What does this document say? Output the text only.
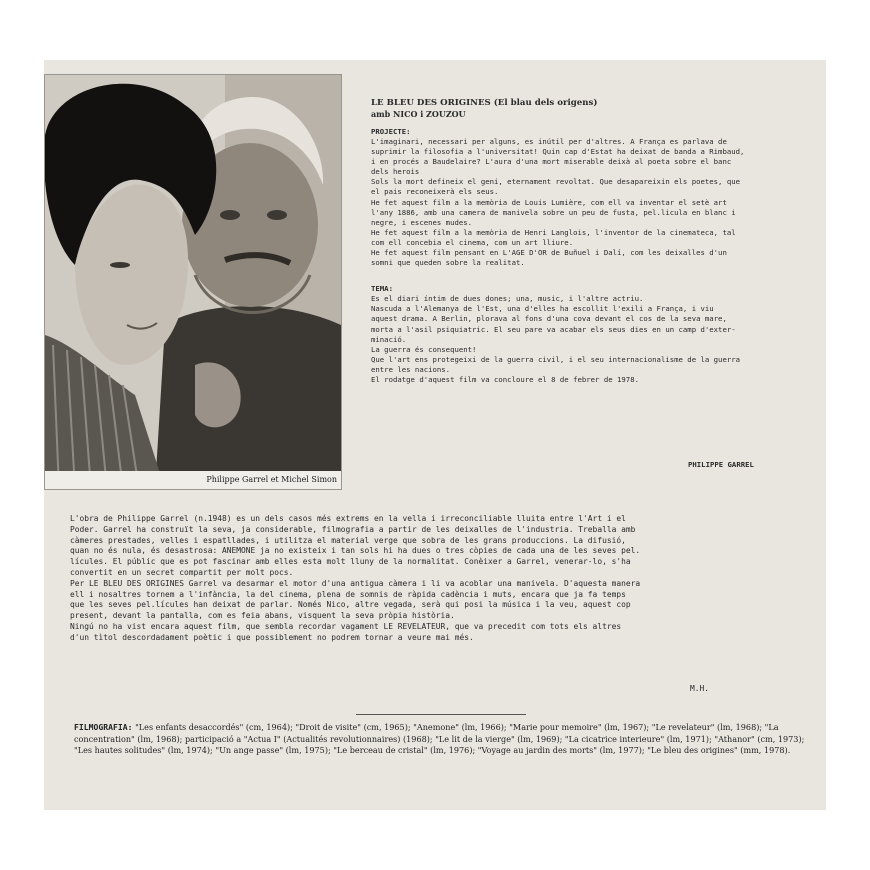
Philippe Garrel et Michel Simon
LE BLEU DES ORIGINES (El blau dels origens)
amb NICO i ZOUZOU
PROJECTE:

L'imaginari, necessari per alguns, es inútil per d'altres. A França es parlava de

suprimir la filosofia a l'universitat! Quin cap d'Estat ha deixat de banda a Rimbaud,

i en procés a Baudelaire? L'aura d'una mort miserable deixà al poeta sobre el banc

dels herois

Sols la mort defineix el geni, eternament revoltat. Que desapareixin els poetes, que

el pais reconeixerà els seus.

He fet aquest film a la memòria de Louis Lumière, com ell va inventar el setè art

l'any 1886, amb una camera de manivela sobre un peu de fusta, pel.licula en blanc i

negre, i escenes mudes.

He fet aquest film a la memòria de Henri Langlois, l'inventor de la cinemateca, tal

com ell concebia el cinema, com un art lliure.

He fet aquest film pensant en L'AGE D'OR de Buñuel i Dalí, com les deixalles d'un

somni que queden sobre la realitat.

TEMA:

Es el diari íntim de dues dones; una, music, i l'altre actriu.

Nascuda a l'Alemanya de l'Est, una d'elles ha escollit l'exili a França, i viu

aquest drama. A Berlin, plorava al fons d'una cova devant el cos de la seva mare,

morta a l'asil psiquiatric. El seu pare va acabar els seus dies en un camp d'exter-

minació.

La guerra és consequent!

Que l'art ens protegeixi de la guerra civil, i el seu internacionalisme de la guerra

entre les nacions.

El rodatge d'aquest film va concloure el 8 de febrer de 1978.

PHILIPPE GARREL

L'obra de Philippe Garrel (n.1948) es un dels casos més extrems en la vella i irreconciliable lluita entre l'Art i el

Poder. Garrel ha construït la seva, ja considerable, filmografia a partir de les deixalles de l'industria. Treballa amb

càmeres prestades, velles i espatllades, i utilitza el material verge que sobra de les grans produccions. La difusió,

quan no és nula, és desastrosa: ANEMONE ja no existeix i tan sols hi ha dues o tres còpies de cada una de les seves pel.

lícules. El públic que es pot fascinar amb elles esta molt lluny de la normalitat. Conèixer a Garrel, venerar-lo, s'ha

convertit en un secret compartit per molt pocs.

Per LE BLEU DES ORIGINES Garrel va desarmar el motor d'una antigua càmera i li va acoblar una manivela. D'aquesta manera

ell i nosaltres tornem a l'infància, la del cinema, plena de somnis de ràpida cadència i muts, encara que ja fa temps

que les seves pel.lícules han deixat de parlar. Només Nico, altre vegada, serà qui posi la música i la veu, aquest cop

present, devant la pantalla, com es feia abans, visquent la seva pròpia història.

Ningú no ha vist encara aquest film, que sembla recordar vagament LE REVELATEUR, que va precedit com tots els altres

d'un tìtol descordadament poètic i que possiblement no podrem tornar a veure mai més.

M.H.
FILMOGRAFIA: "Les enfants desaccordés" (cm, 1964); "Droit de visite" (cm, 1965); "Anemone" (lm, 1966); "Marie pour memoire" (lm, 1967); "Le revelateur" (lm, 1968); "La concentration" (lm, 1968); participació a "Actua I" (Actualités revolutionnaires) (1968); "Le lit de la vierge" (lm, 1969); "La cicatrice interieure" (lm, 1971); "Athanor" (cm, 1973); "Les hautes solitudes" (lm, 1974); "Un ange passe" (lm, 1975); "Le berceau de cristal" (lm, 1976); "Voyage au jardin des morts" (lm, 1977); "Le bleu des origines" (mm, 1978).
